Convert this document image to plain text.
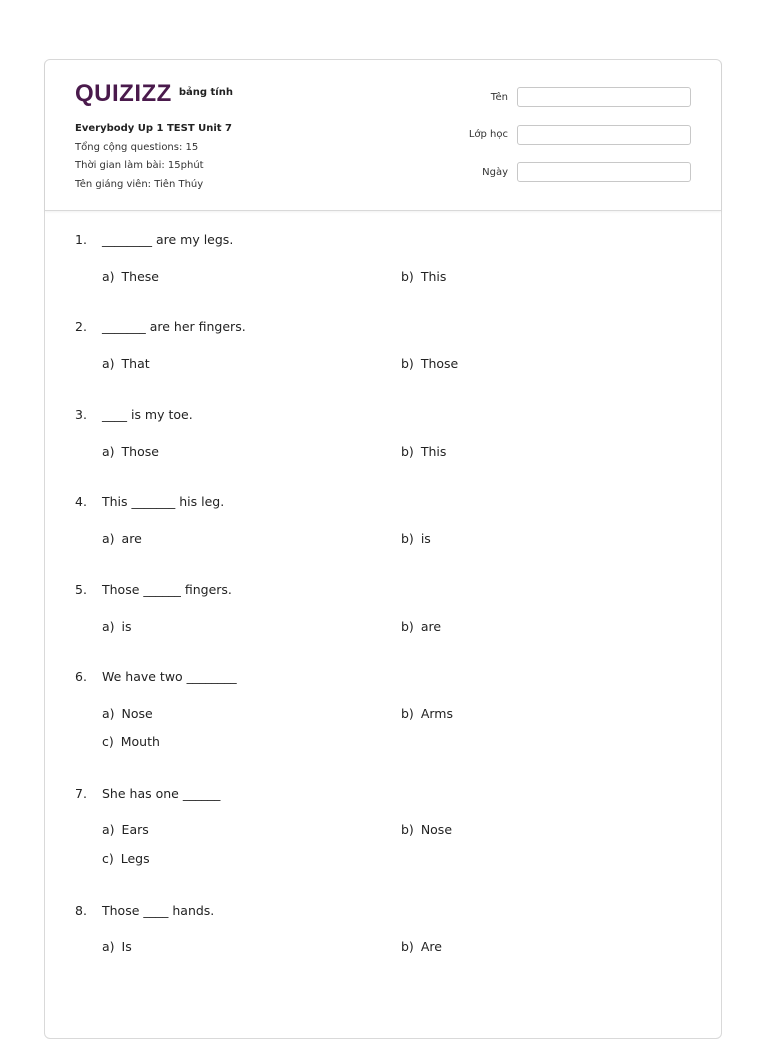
QUIZIZZ bảng tính
Everybody Up 1 TEST Unit 7
Tổng cộng questions: 15
Thời gian làm bài: 15phút
Tên giáng viên: Tiên Thúy
Tên
Lớp học
Ngày
1.	________ are my legs.
a) These	b) This
2.	_______ are her fingers.
a) That	b) Those
3.	____ is my toe.
a) Those	b) This
4.	This _______ his leg.
a) are	b) is
5.	Those ______ fingers.
a) is	b) are
6.	We have two ________
a) Nose	b) Arms
c) Mouth
7.	She has one ______
a) Ears	b) Nose
c) Legs
8.	Those ____ hands.
a) Is	b) Are
